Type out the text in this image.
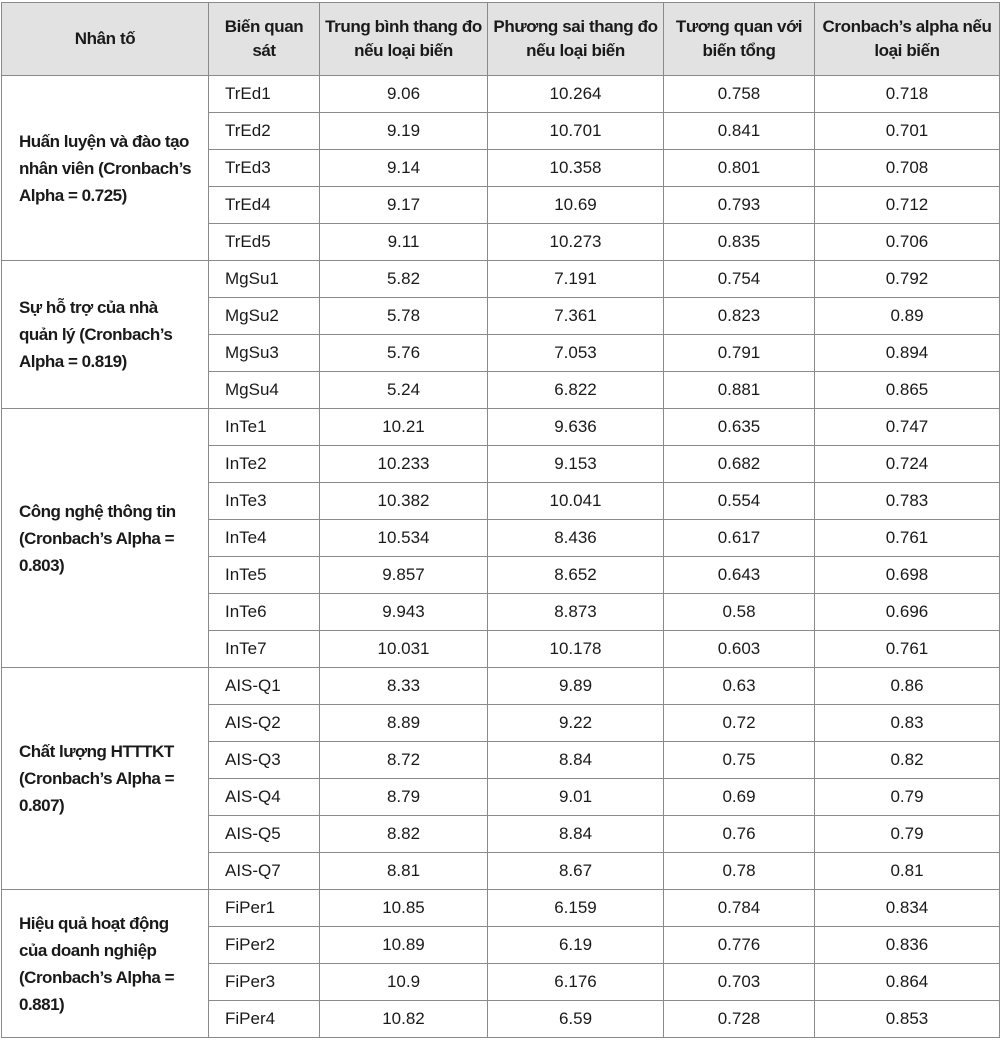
Nhân tố	Biến quan sát	Trung bình thang đo nếu loại biến	Phương sai thang đo nếu loại biến	Tương quan với biến tổng	Cronbach’s alpha nếu loại biến
Huấn luyện và đào tạo nhân viên (Cronbach’s Alpha = 0.725)	TrEd1	9.06	10.264	0.758	0.718
	TrEd2	9.19	10.701	0.841	0.701
	TrEd3	9.14	10.358	0.801	0.708
	TrEd4	9.17	10.69	0.793	0.712
	TrEd5	9.11	10.273	0.835	0.706
Sự hỗ trợ của nhà quản lý (Cronbach’s Alpha = 0.819)	MgSu1	5.82	7.191	0.754	0.792
	MgSu2	5.78	7.361	0.823	0.89
	MgSu3	5.76	7.053	0.791	0.894
	MgSu4	5.24	6.822	0.881	0.865
Công nghệ thông tin (Cronbach’s Alpha = 0.803)	InTe1	10.21	9.636	0.635	0.747
	InTe2	10.233	9.153	0.682	0.724
	InTe3	10.382	10.041	0.554	0.783
	InTe4	10.534	8.436	0.617	0.761
	InTe5	9.857	8.652	0.643	0.698
	InTe6	9.943	8.873	0.58	0.696
	InTe7	10.031	10.178	0.603	0.761
Chất lượng HTTTKT (Cronbach’s Alpha = 0.807)	AIS-Q1	8.33	9.89	0.63	0.86
	AIS-Q2	8.89	9.22	0.72	0.83
	AIS-Q3	8.72	8.84	0.75	0.82
	AIS-Q4	8.79	9.01	0.69	0.79
	AIS-Q5	8.82	8.84	0.76	0.79
	AIS-Q7	8.81	8.67	0.78	0.81
Hiệu quả hoạt động của doanh nghiệp (Cronbach’s Alpha = 0.881)	FiPer1	10.85	6.159	0.784	0.834
	FiPer2	10.89	6.19	0.776	0.836
	FiPer3	10.9	6.176	0.703	0.864
	FiPer4	10.82	6.59	0.728	0.853
